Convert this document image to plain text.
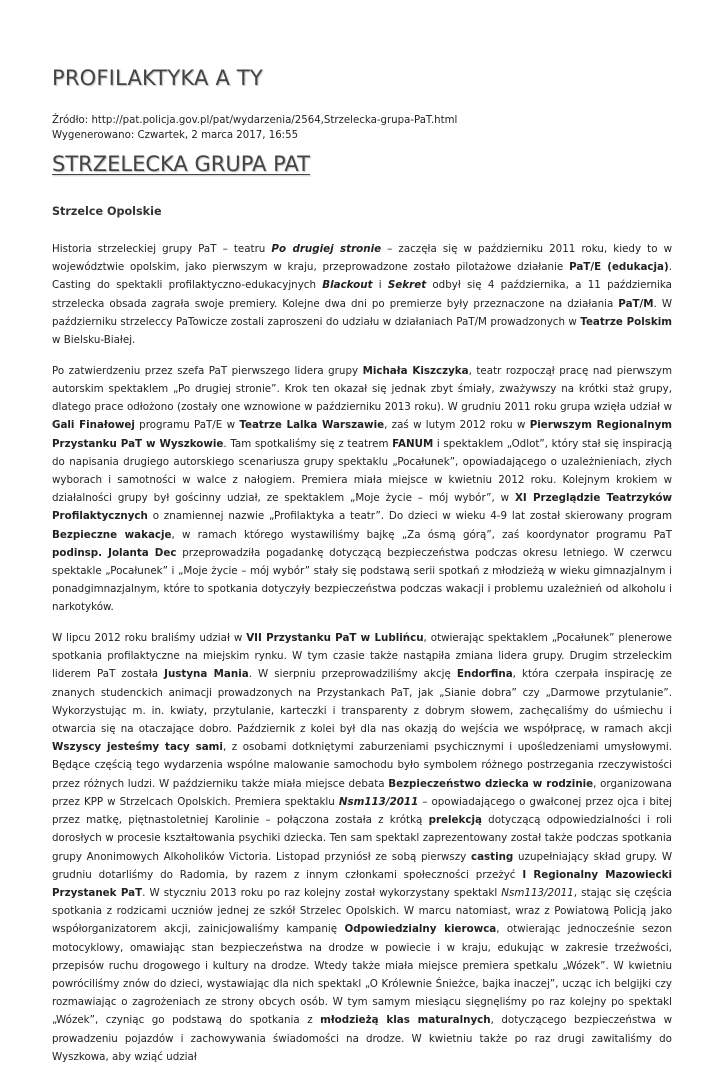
PROFILAKTYKA A TY
Źródło: http://pat.policja.gov.pl/pat/wydarzenia/2564,Strzelecka-grupa-PaT.html
Wygenerowano: Czwartek, 2 marca 2017, 16:55
STRZELECKA GRUPA PAT
Strzelce Opolskie

Historia strzeleckiej grupy PaT – teatru Po drugiej stronie – zaczęła się w październiku 2011 roku, kiedy to w województwie opolskim, jako pierwszym w kraju, przeprowadzone zostało pilotażowe działanie PaT/E (edukacja). Casting do spektakli profilaktyczno-edukacyjnych Blackout i Sekret odbył się 4 października, a 11 października strzelecka obsada zagrała swoje premiery. Kolejne dwa dni po premierze były przeznaczone na działania PaT/M. W październiku strzeleccy PaTowicze zostali zaproszeni do udziału w działaniach PaT/M prowadzonych w Teatrze Polskim w Bielsku-Białej.

Po zatwierdzeniu przez szefa PaT pierwszego lidera grupy Michała Kiszczyka, teatr rozpoczął pracę nad pierwszym autorskim spektaklem „Po drugiej stronie”. Krok ten okazał się jednak zbyt śmiały, zważywszy na krótki staż grupy, dlatego prace odłożono (zostały one wznowione w październiku 2013 roku). W grudniu 2011 roku grupa wzięła udział w Gali Finałowej programu PaT/E w Teatrze Lalka Warszawie, zaś w lutym 2012 roku w Pierwszym Regionalnym Przystanku PaT w Wyszkowie. Tam spotkaliśmy się z teatrem FANUM i spektaklem „Odlot”, który stał się inspiracją do napisania drugiego autorskiego scenariusza grupy spektaklu „Pocałunek”, opowiadającego o uzależnieniach, złych wyborach i samotności w walce z nałogiem. Premiera miała miejsce w kwietniu 2012 roku. Kolejnym krokiem w działalności grupy był gościnny udział, ze spektaklem „Moje życie – mój wybór”, w XI Przeglądzie Teatrzyków Profilaktycznych o znamiennej nazwie „Profilaktyka a teatr”. Do dzieci w wieku 4-9 lat został skierowany program Bezpieczne wakacje, w ramach którego wystawiliśmy bajkę „Za ósmą górą”, zaś koordynator programu PaT podinsp. Jolanta Dec przeprowadziła pogadankę dotyczącą bezpieczeństwa podczas okresu letniego. W czerwcu spektakle „Pocałunek” i „Moje życie – mój wybór” stały się podstawą serii spotkań z młodzieżą w wieku gimnazjalnym i ponadgimnazjalnym, które to spotkania dotyczyły bezpieczeństwa podczas wakacji i problemu uzależnień od alkoholu i narkotyków.

W lipcu 2012 roku braliśmy udział w VII Przystanku PaT w Lublińcu, otwierając spektaklem „Pocałunek” plenerowe spotkania profilaktyczne na miejskim rynku. W tym czasie także nastąpiła zmiana lidera grupy. Drugim strzeleckim liderem PaT została Justyna Mania. W sierpniu przeprowadziliśmy akcję Endorfina, która czerpała inspirację ze znanych studenckich animacji prowadzonych na Przystankach PaT, jak „Sianie dobra” czy „Darmowe przytulanie”. Wykorzystując m. in. kwiaty, przytulanie, karteczki i transparenty z dobrym słowem, zachęcaliśmy do uśmiechu i otwarcia się na otaczające dobro. Październik z kolei był dla nas okazją do wejścia we współpracę, w ramach akcji Wszyscy jesteśmy tacy sami, z osobami dotkniętymi zaburzeniami psychicznymi i upośledzeniami umysłowymi. Będące częścią tego wydarzenia wspólne malowanie samochodu było symbolem różnego postrzegania rzeczywistości przez różnych ludzi. W październiku także miała miejsce debata Bezpieczeństwo dziecka w rodzinie, organizowana przez KPP w Strzelcach Opolskich. Premiera spektaklu Nsm113/2011 – opowiadającego o gwałconej przez ojca i bitej przez matkę, piętnastoletniej Karolinie – połączona została z krótką prelekcją dotyczącą odpowiedzialności i roli dorosłych w procesie kształtowania psychiki dziecka. Ten sam spektakl zaprezentowany został także podczas spotkania grupy Anonimowych Alkoholików Victoria. Listopad przyniósł ze sobą pierwszy casting uzupełniający skład grupy. W grudniu dotarliśmy do Radomia, by razem z innym członkami społeczności przeżyć I Regionalny Mazowiecki Przystanek PaT. W styczniu 2013 roku po raz kolejny został wykorzystany spektakl Nsm113/2011, stając się częścia spotkania z rodzicami uczniów jednej ze szkół Strzelec Opolskich. W marcu natomiast, wraz z Powiatową Policją jako współorganizatorem akcji, zainicjowaliśmy kampanię Odpowiedzialny kierowca, otwierając jednocześnie sezon motocyklowy, omawiając stan bezpieczeństwa na drodze w powiecie i w kraju, edukując w zakresie trzeźwości, przepisów ruchu drogowego i kultury na drodze. Wtedy także miała miejsce premiera spetkalu „Wózek”. W kwietniu powróciliśmy znów do dzieci, wystawiając dla nich spektakl „O Królewnie Śnieżce, bajka inaczej”, ucząc ich belgijki czy rozmawiając o zagrożeniach ze strony obcych osób. W tym samym miesiącu sięgnęliśmy po raz kolejny po spektakl „Wózek”, czyniąc go podstawą do spotkania z młodzieżą klas maturalnych, dotyczącego bezpieczeństwa w prowadzeniu pojazdów i zachowywania świadomości na drodze. W kwietniu także po raz drugi zawitaliśmy do Wyszkowa, aby wziąć udział
